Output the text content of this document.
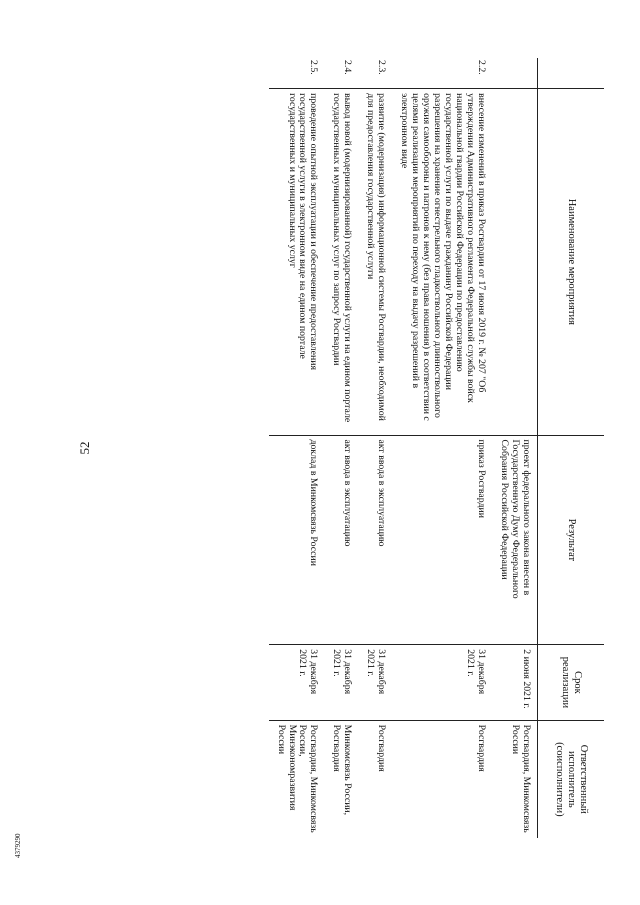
52
4379290
	Наименование мероприятия	Результат	Срок реализации	Ответственный исполнитель (соисполнители)
		проект федерального закона внесен в Государственную Думу Федерального Собрания Российской Федерации	2 июня 2021 г.	Росгвардия, Минкомсвязь России
2.2.	внесение изменений в приказ Росгвардии от 17 июня 2019 г. № 207 "Об утверждении Административного регламента Федеральной службы войск национальной гвардии Российской Федерации по предоставлению государственной услуги по выдаче гражданину Российской Федерации разрешения на хранение огнестрельного гладкоствольного длинноствольного оружия самообороны и патронов к нему (без права ношения) в соответствии с целями реализации мероприятий по переходу на выдачу разрешений в электронном виде	приказ Росгвардии	31 декабря 2021 г.	Росгвардия
2.3.	развитие (модернизация) информационной системы Росгвардии, необходимой для предоставления государственной услуги	акт ввода в эксплуатацию	31 декабря 2021 г.	Росгвардия
2.4.	вывод новой (модернизированной) государственной услуги на едином портале государственных и муниципальных услуг по запросу Росгвардии	акт ввода в эксплуатацию	31 декабря 2021 г.	Минкомсвязь России, Росгвардия
2.5.	проведение опытной эксплуатации и обеспечение предоставления государственной услуги в электронном виде на едином портале государственных и муниципальных услуг	доклад в Минкомсвязь России	31 декабря 2021 г.	Росгвардия, Минкомсвязь России, Минэкономразвития России
